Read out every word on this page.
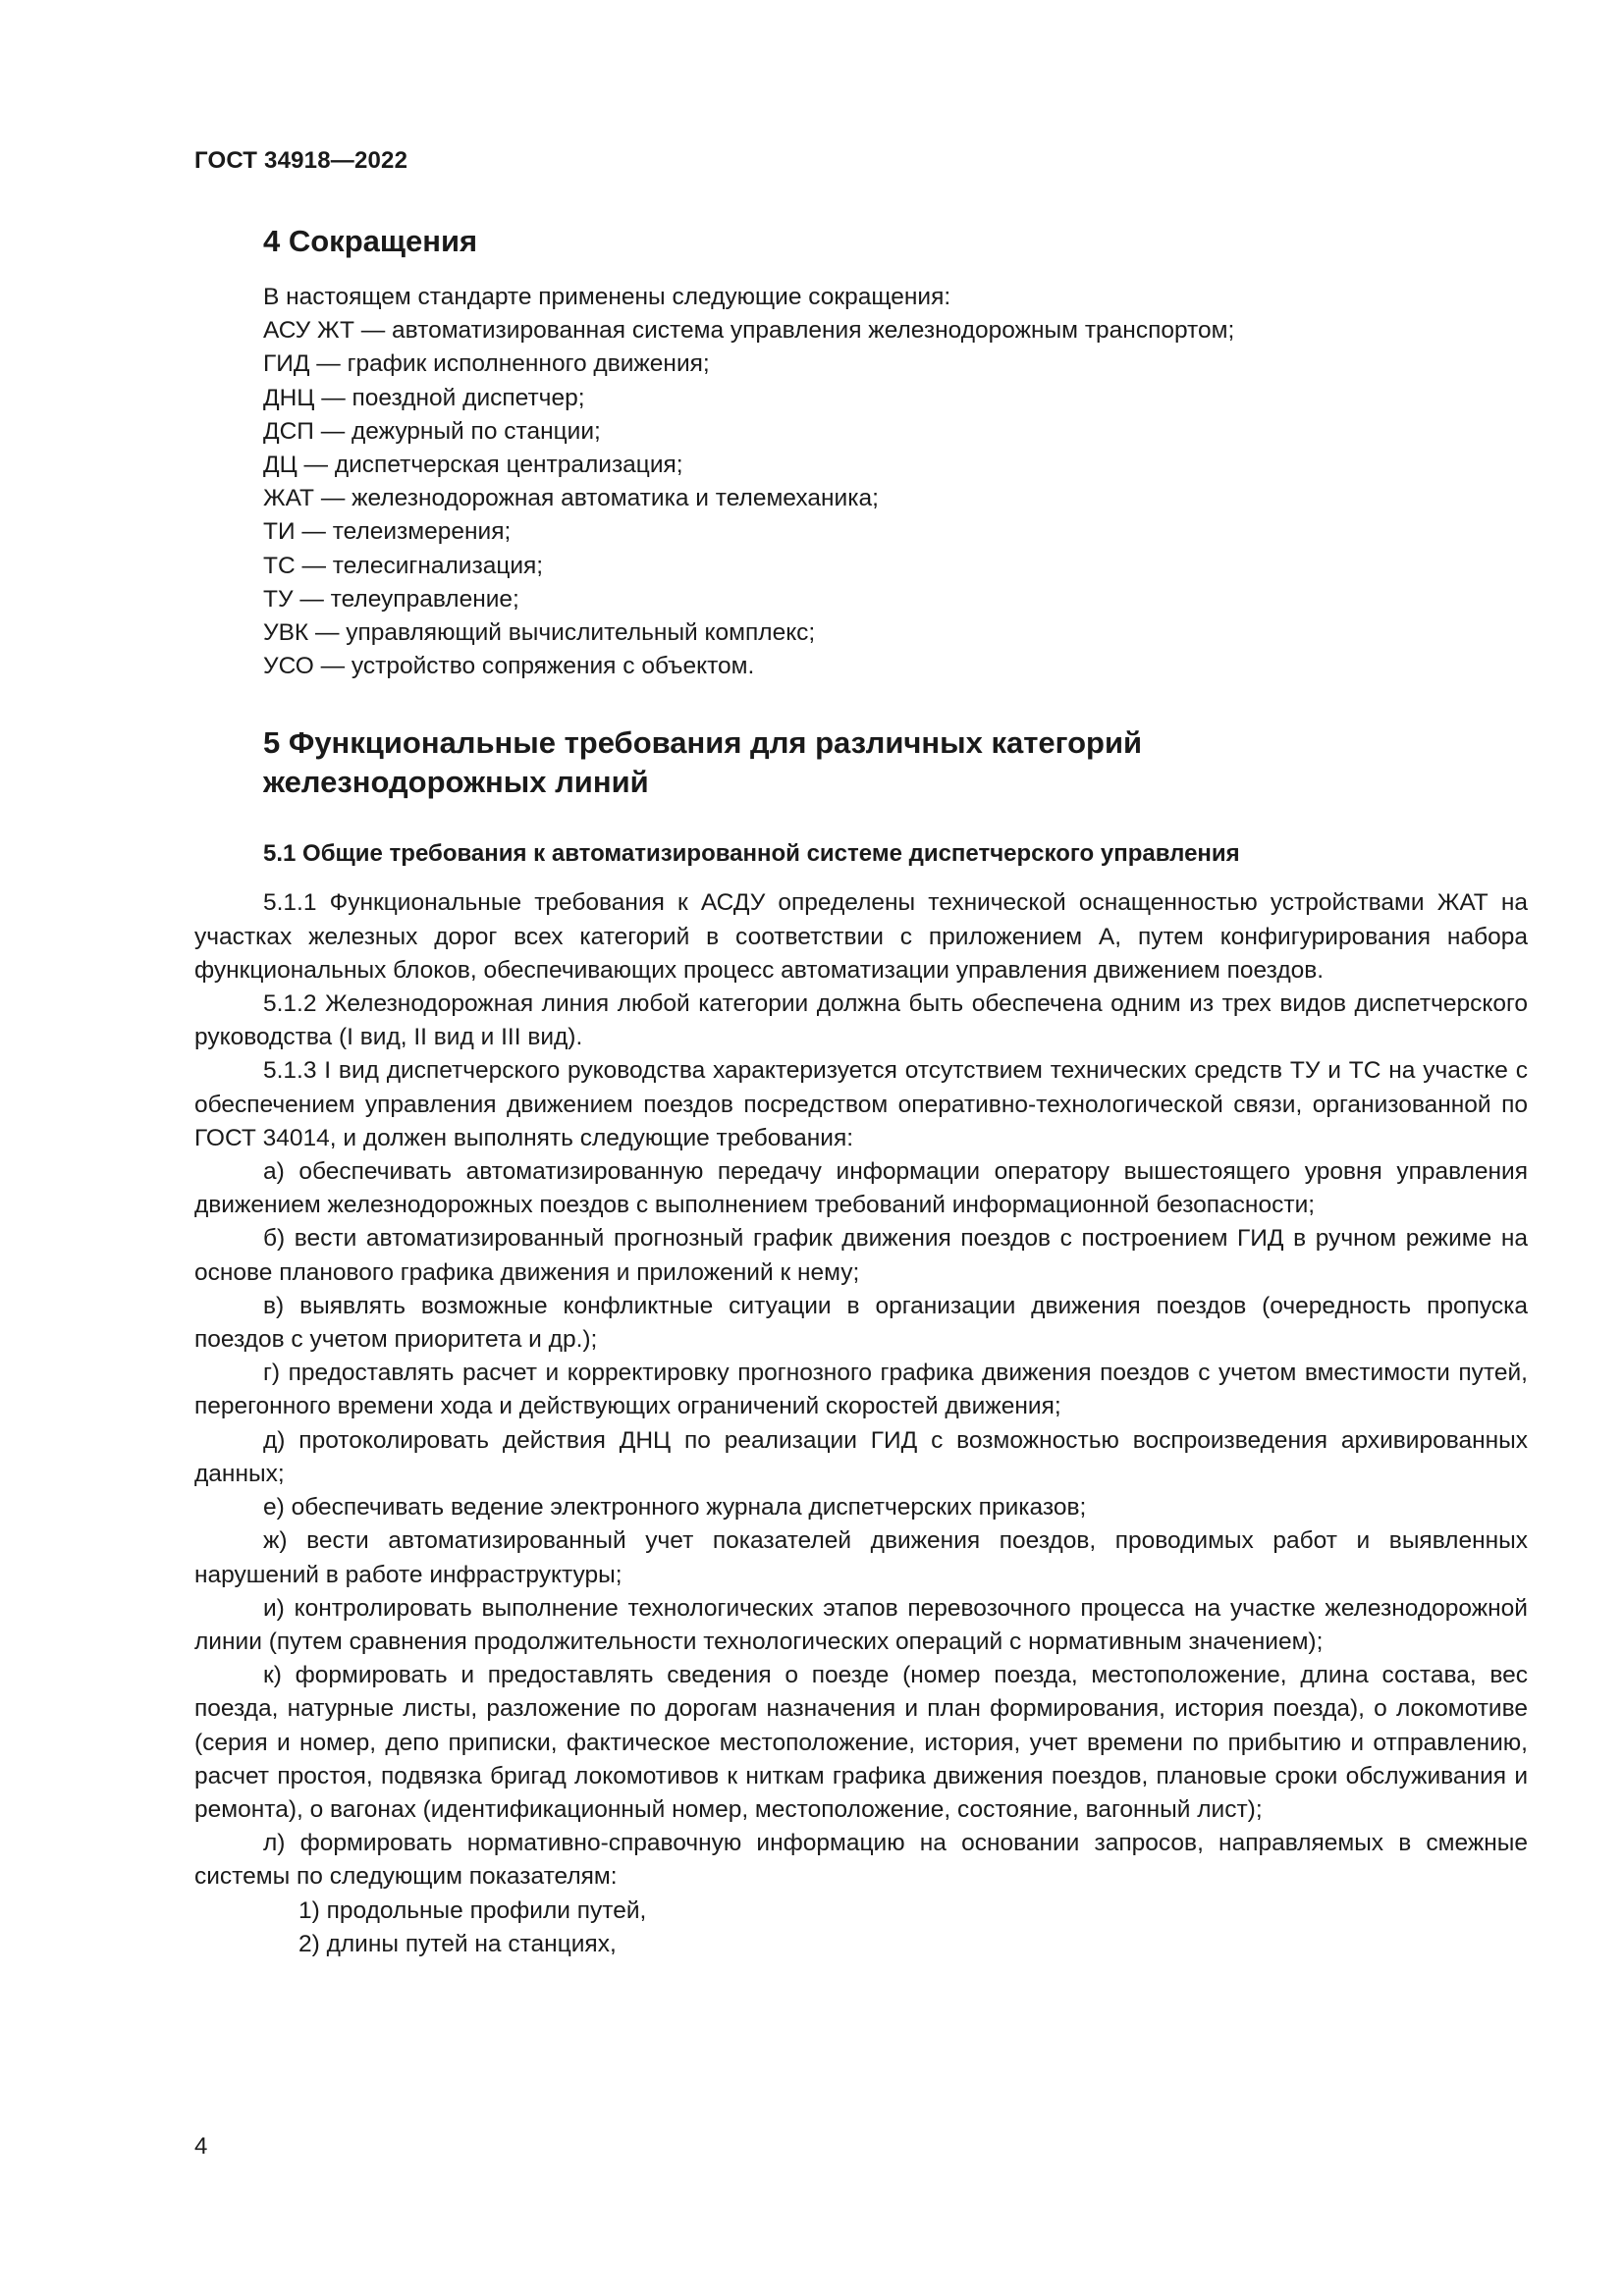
ГОСТ 34918—2022
4 Сокращения
В настоящем стандарте применены следующие сокращения:
АСУ ЖТ — автоматизированная система управления железнодорожным транспортом;
ГИД — график исполненного движения;
ДНЦ — поездной диспетчер;
ДСП — дежурный по станции;
ДЦ — диспетчерская централизация;
ЖАТ — железнодорожная автоматика и телемеханика;
ТИ — телеизмерения;
ТС — телесигнализация;
ТУ — телеуправление;
УВК — управляющий вычислительный комплекс;
УСО — устройство сопряжения с объектом.
5 Функциональные требования для различных категорий
железнодорожных линий
5.1 Общие требования к автоматизированной системе диспетчерского управления

5.1.1 Функциональные требования к АСДУ определены технической оснащенностью устройствами ЖАТ на участках железных дорог всех категорий в соответствии с приложением А, путем конфигурирования набора функциональных блоков, обеспечивающих процесс автоматизации управления движением поездов.

5.1.2 Железнодорожная линия любой категории должна быть обеспечена одним из трех видов диспетчерского руководства (I вид, II вид и III вид).

5.1.3 I вид диспетчерского руководства характеризуется отсутствием технических средств ТУ и ТС на участке с обеспечением управления движением поездов посредством оперативно-технологической связи, организованной по ГОСТ 34014, и должен выполнять следующие требования:

а) обеспечивать автоматизированную передачу информации оператору вышестоящего уровня управления движением железнодорожных поездов с выполнением требований информационной безопасности;

б) вести автоматизированный прогнозный график движения поездов с построением ГИД в ручном режиме на основе планового графика движения и приложений к нему;

в) выявлять возможные конфликтные ситуации в организации движения поездов (очередность пропуска поездов с учетом приоритета и др.);

г) предоставлять расчет и корректировку прогнозного графика движения поездов с учетом вместимости путей, перегонного времени хода и действующих ограничений скоростей движения;

д) протоколировать действия ДНЦ по реализации ГИД с возможностью воспроизведения архивированных данных;

е) обеспечивать ведение электронного журнала диспетчерских приказов;

ж) вести автоматизированный учет показателей движения поездов, проводимых работ и выявленных нарушений в работе инфраструктуры;

и) контролировать выполнение технологических этапов перевозочного процесса на участке железнодорожной линии (путем сравнения продолжительности технологических операций с нормативным значением);

к) формировать и предоставлять сведения о поезде (номер поезда, местоположение, длина состава, вес поезда, натурные листы, разложение по дорогам назначения и план формирования, история поезда), о локомотиве (серия и номер, депо приписки, фактическое местоположение, история, учет времени по прибытию и отправлению, расчет простоя, подвязка бригад локомотивов к ниткам графика движения поездов, плановые сроки обслуживания и ремонта), о вагонах (идентификационный номер, местоположение, состояние, вагонный лист);

л) формировать нормативно-справочную информацию на основании запросов, направляемых в смежные системы по следующим показателям:

1) продольные профили путей,

2) длины путей на станциях,

4
